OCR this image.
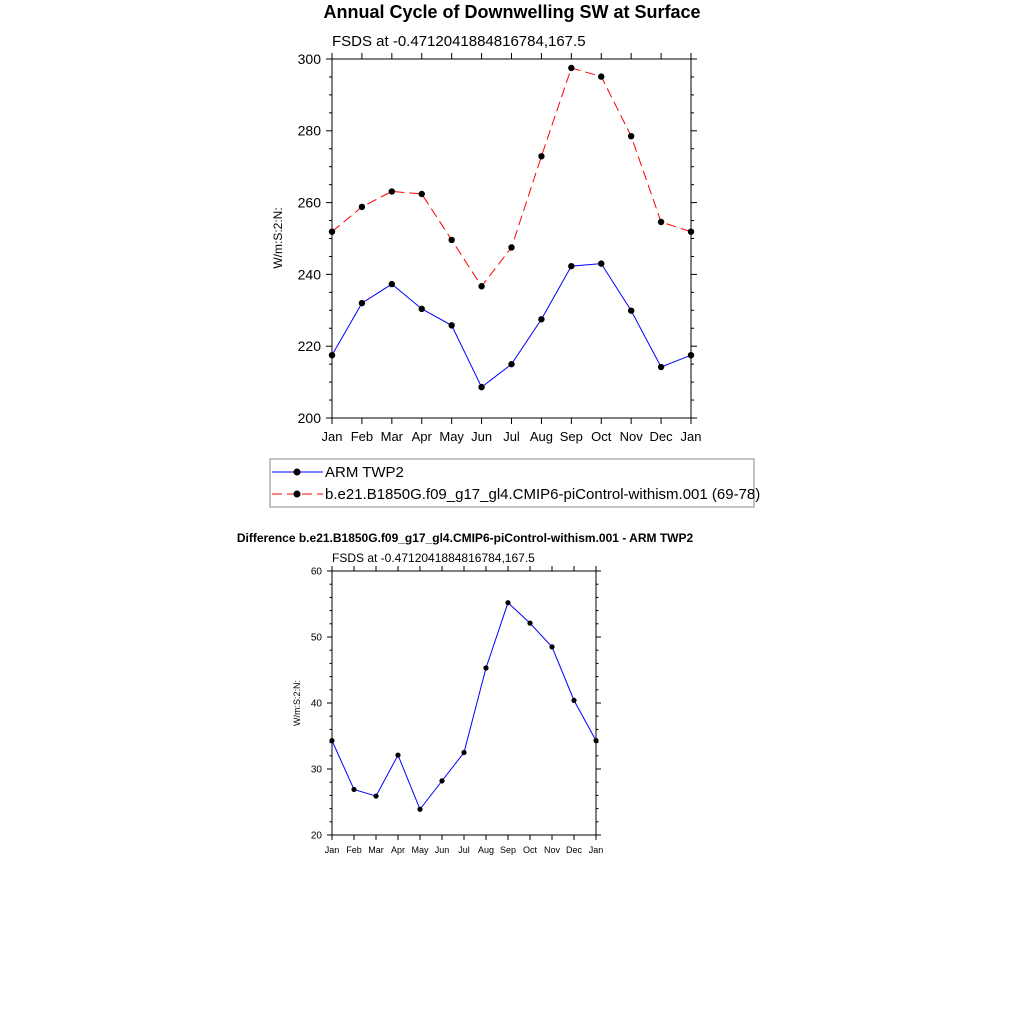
Annual Cycle of Downwelling SW at Surface
FSDS at -0.4712041884816784,167.5
W/m:S:2:N:
Jan Feb Mar Apr May Jun Jul Aug Sep Oct Nov Dec Jan
200
220
240
260
280
300
ARM TWP2
b.e21.B1850G.f09_g17_gl4.CMIP6-piControl-withism.001 (69-78)
Difference b.e21.B1850G.f09_g17_gl4.CMIP6-piControl-withism.001 - ARM TWP2
FSDS at -0.4712041884816784,167.5
W/m:S:2:N:
Jan Feb Mar Apr May Jun Jul Aug Sep Oct Nov Dec Jan
20
30
40
50
60
